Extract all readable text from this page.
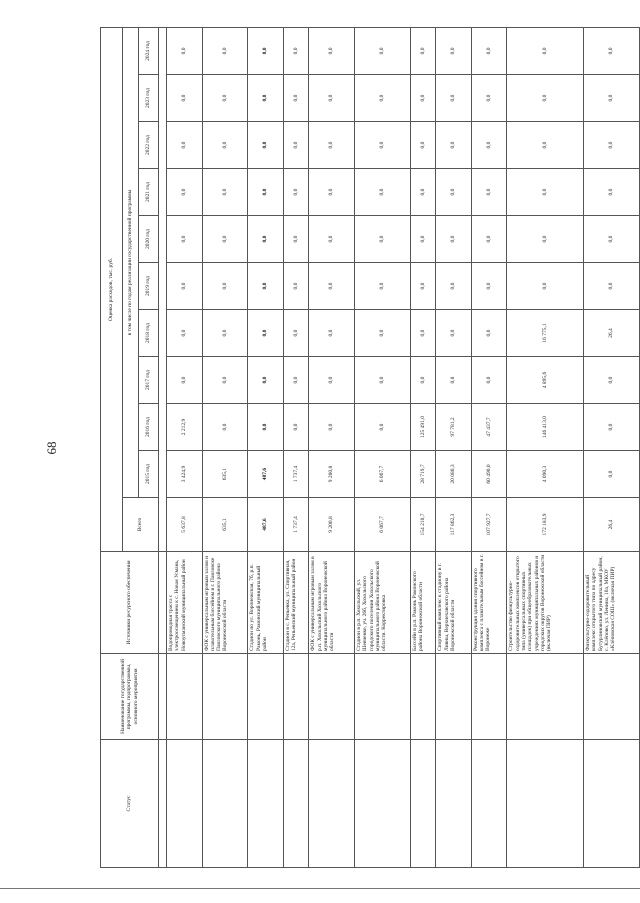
68
Статус	Наименование государственной программы, подпрограммы, основного мероприятия	Источники ресурсного обеспечения	Оценка расходов, тыс. руб.										
			Всего	в том числе по годам реализации государственной программы									
				2015 год	2016 год	2017 год	2018 год	2019 год	2020 год	2021 год	2022 год	2023 год	2024 год

		Водопроводная трасса с электроосвещением к с. Новая Усмань, Новоусманский муниципальный район	5 637,8	3 424,9	2 212,9	0,0	0,0	0,0	0,0	0,0	0,0	0,0	0,0
		ФОК с универсальным игровым залом и плавательным бассейном в г. Павловске Павловского муниципального района Воронежской области	635,1	635,1	0,0	0,0	0,0	0,0	0,0	0,0	0,0	0,0	0,0
		Стадион по ул. Воронежская, 7б, р.п. Рамонь, Рамонский муниципальный район	487,6	487,6	0,0	0,0	0,0	0,0	0,0	0,0	0,0	0,0	0,0
		Стадион в с. Репьевка, ул. Спортивная, 12а, Репьевский муниципальный район	1 737,4	1 737,4	0,0	0,0	0,0	0,0	0,0	0,0	0,0	0,0	0,0
		ФОК с универсальным игровым залом в р.п. Хохольский Хохольского муниципального района Воронежской области	9 200,8	9 200,8	0,0	0,0	0,0	0,0	0,0	0,0	0,0	0,0	0,0
		Стадион в р.п. Хохольский, ул. Шевченко, уч. 26б, Хохольского городского поселения Хохольского муниципального района Воронежской области. Корректировка	6 067,7	6 067,7	0,0	0,0	0,0	0,0	0,0	0,0	0,0	0,0	0,0
		Бассейн в р.п. Рамонь Рамонского района Воронежской области	154 210,7	28 719,7	125 491,0	0,0	0,0	0,0	0,0	0,0	0,0	0,0	0,0
		Спортивный комплекс к стадиону в г. Ливны, Верхнехавского района Воронежской области	117 862,3	20 080,3	97 781,2	0,8	0,0	0,0	0,0	0,0	0,0	0,0	0,0
		Реконструкция здания спортивного комплекса с плавательным бассейном в г. Воронеже	107 927,7	60 490,0	47 437,7	0,0	0,0	0,0	0,0	0,0	0,0	0,0	0,0
		Строительство физкультурно-оздоровительных комплексов открытого типа (универсальных спортивных площадок) при общеобразовательных учреждениях муниципальных районов и городских округов Воронежской области (включая ПИР)	172 183,9	4 090,3	146 413,0	4 895,6	16 775,1	0,0	0,0	0,0	0,0	0,0	0,0
		Физкультурно-оздоровительный комплекс открытого типа по адресу Бутурлиновский муниципальный район, с. Клёпово, ул. Ленина, 10а, МКОУ «Клёповская СОШ» (включая ПИР)	26,4	0,0	0,0	0,0	26,4	0,0	0,0	0,0	0,0	0,0	0,0
